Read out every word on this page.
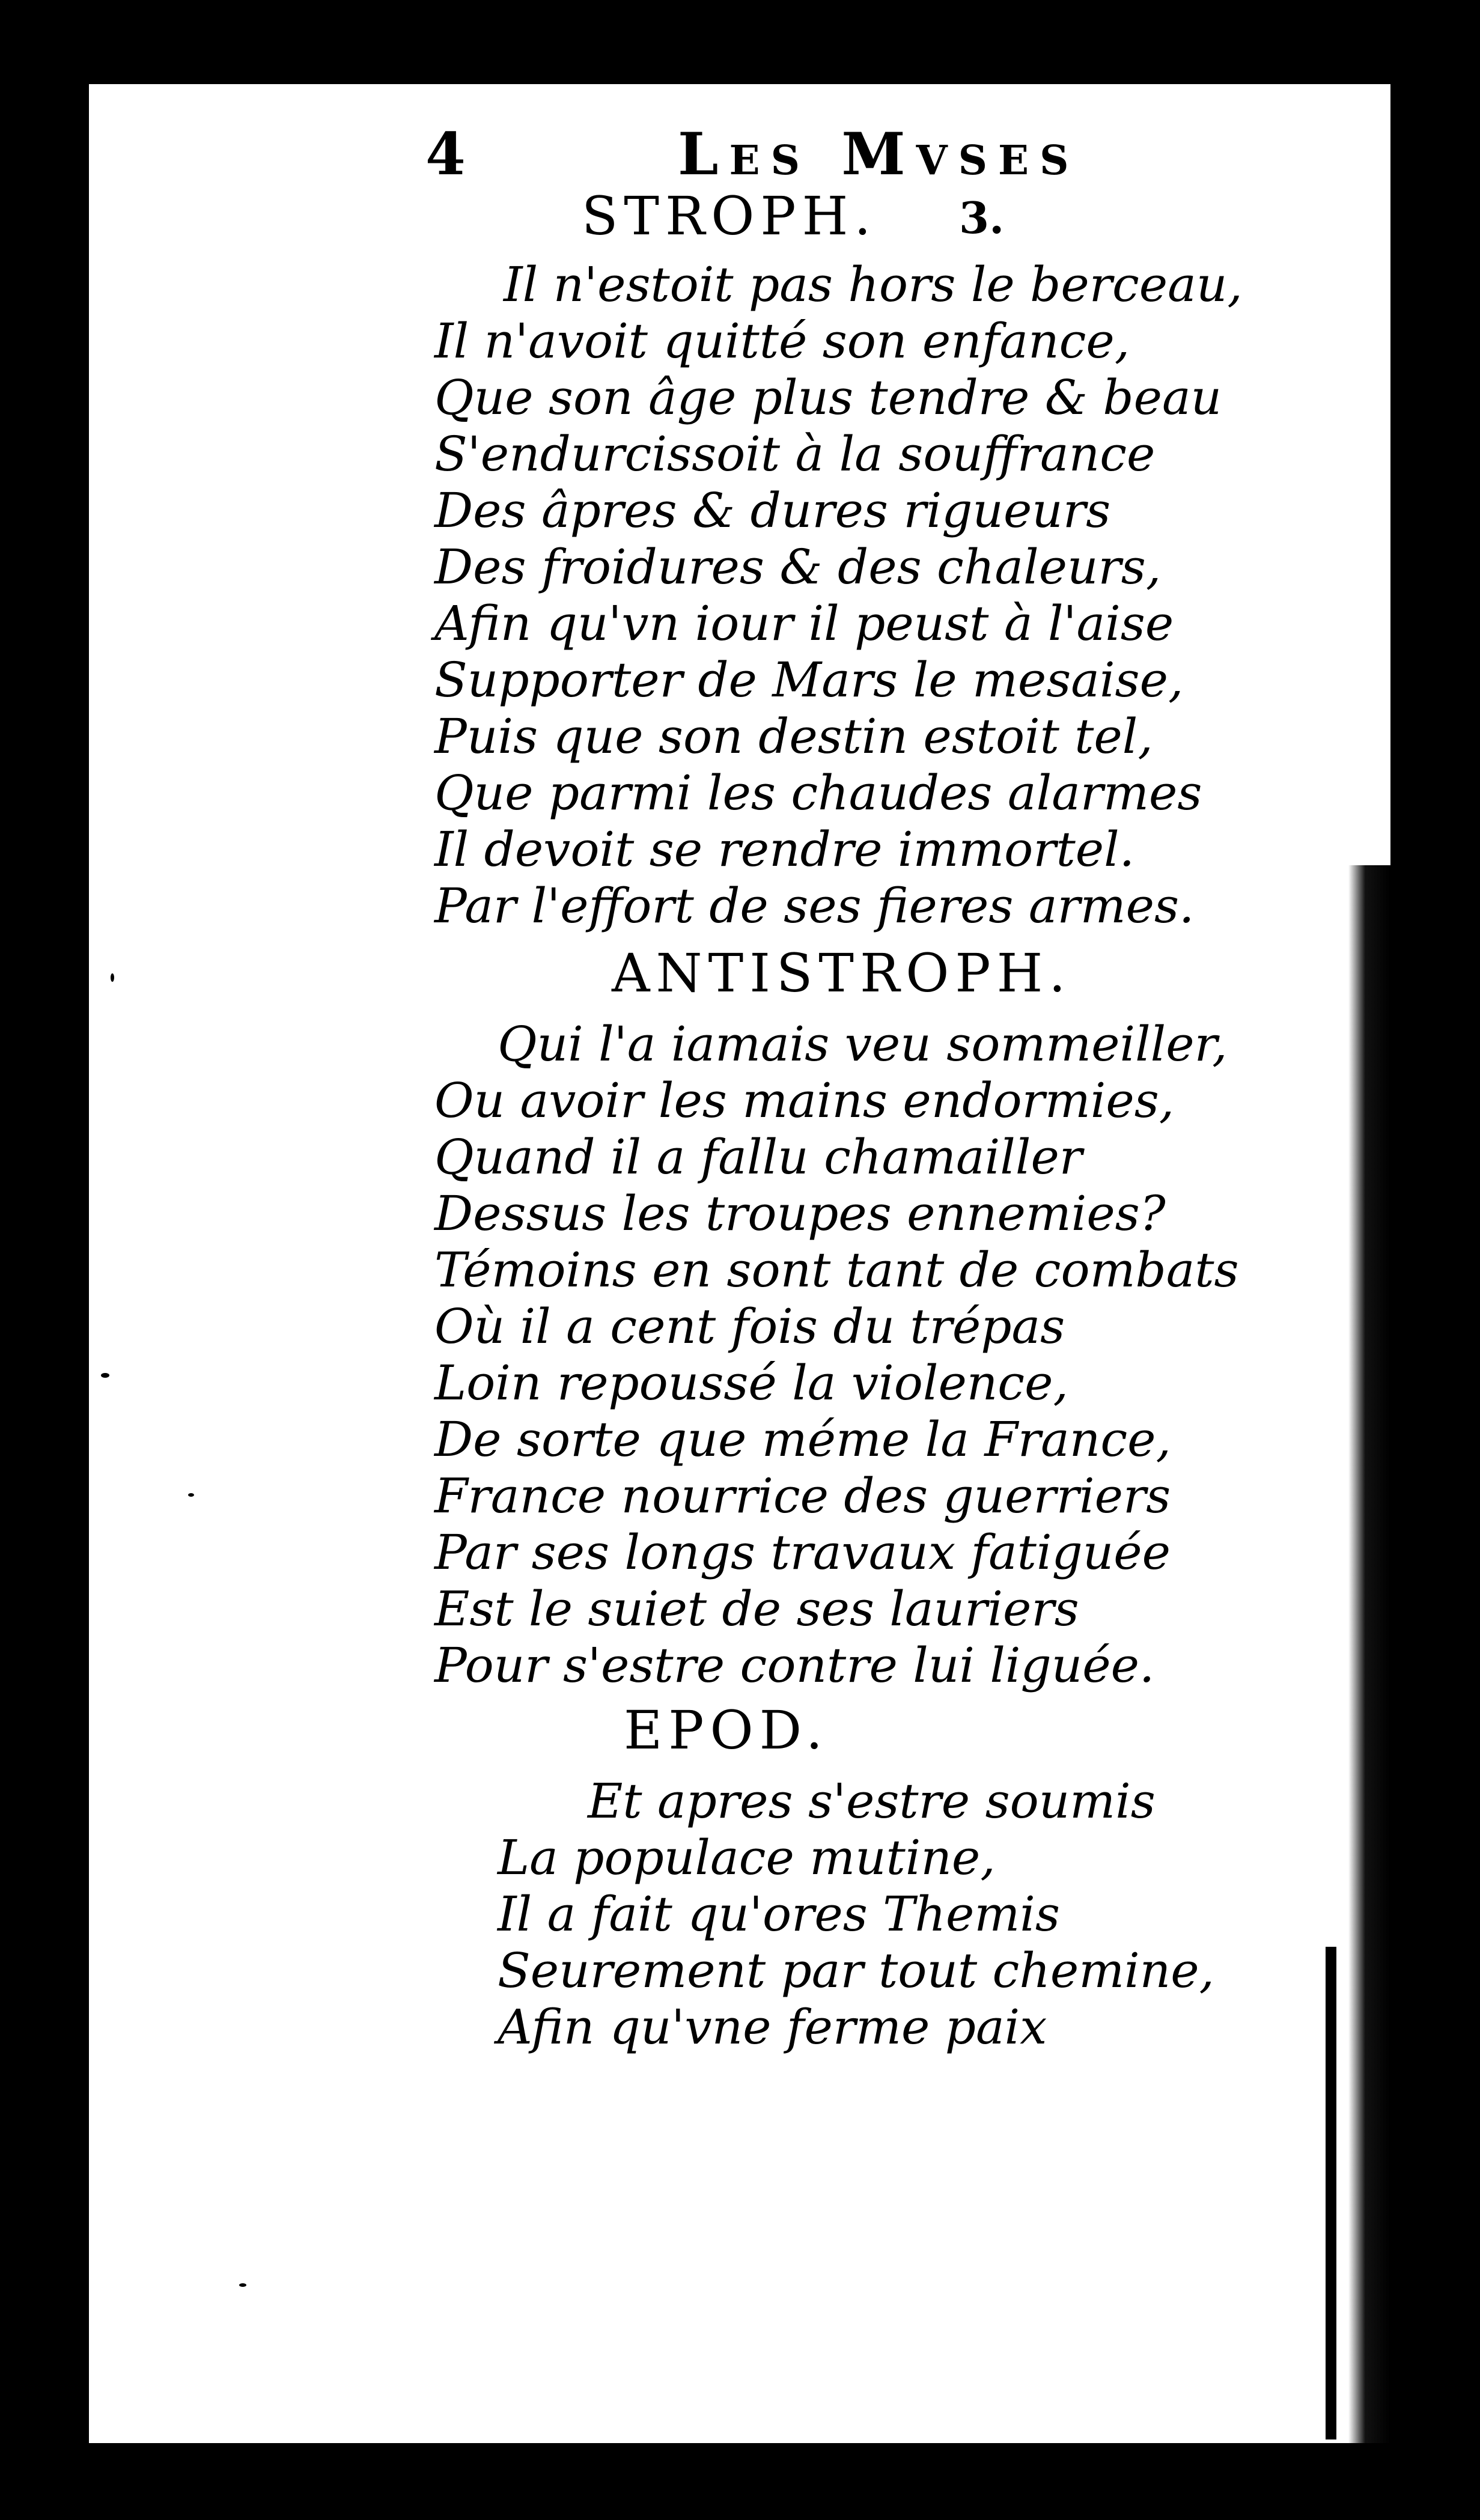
4	Les Mvses
STROPH. 3.
Il n'estoit pas hors le berceau,
Il n'avoit quitté son enfance,
Que son âge plus tendre & beau
S'endurcissoit à la souffrance
Des âpres & dures rigueurs
Des froidures & des chaleurs,
Afin qu'vn iour il peust à l'aise
Supporter de Mars le mesaise,
Puis que son destin estoit tel,
Que parmi les chaudes alarmes
Il devoit se rendre immortel.
Par l'effort de ses fieres armes.
ANTISTROPH.
Qui l'a iamais veu sommeiller,
Ou avoir les mains endormies,
Quand il a fallu chamailler
Dessus les troupes ennemies?
Témoins en sont tant de combats
Où il a cent fois du trépas
Loin repoussé la violence,
De sorte que méme la France,
France nourrice des guerriers
Par ses longs travaux fatiguée
Est le suiet de ses lauriers
Pour s'estre contre lui liguée.
EPOD.
Et apres s'estre soumis
La populace mutine,
Il a fait qu'ores Themis
Seurement par tout chemine,
Afin qu'vne ferme paix
